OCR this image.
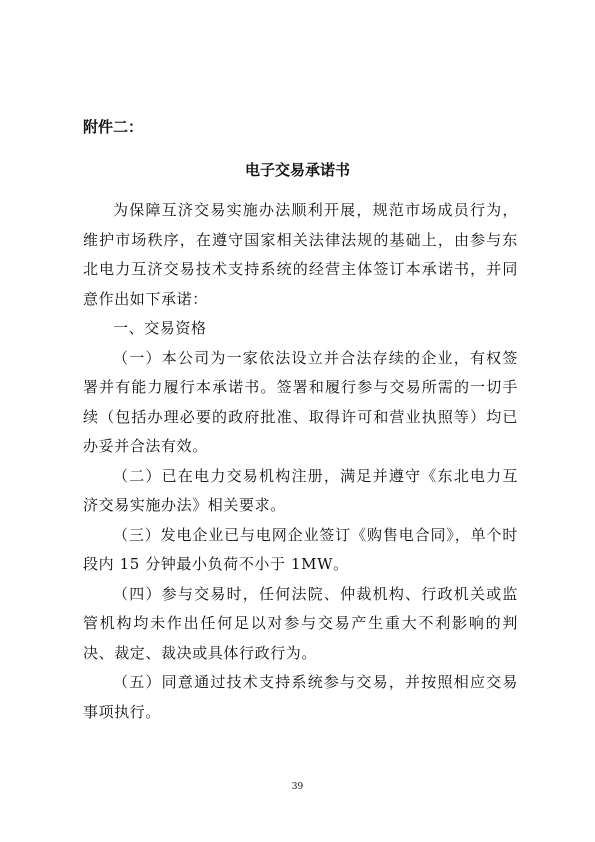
附件二：
电子交易承诺书

为保障互济交易实施办法顺利开展，规范市场成员行为，维护市场秩序，在遵守国家相关法律法规的基础上，由参与东北电力互济交易技术支持系统的经营主体签订本承诺书，并同意作出如下承诺：

一、交易资格

（一）本公司为一家依法设立并合法存续的企业，有权签署并有能力履行本承诺书。签署和履行参与交易所需的一切手续（包括办理必要的政府批准、取得许可和营业执照等）均已办妥并合法有效。

（二）已在电力交易机构注册，满足并遵守《东北电力互济交易实施办法》相关要求。

（三）发电企业已与电网企业签订《购售电合同》，单个时段内 15 分钟最小负荷不小于 1MW。

（四）参与交易时，任何法院、仲裁机构、行政机关或监管机构均未作出任何足以对参与交易产生重大不利影响的判决、裁定、裁决或具体行政行为。

（五）同意通过技术支持系统参与交易，并按照相应交易事项执行。

39
